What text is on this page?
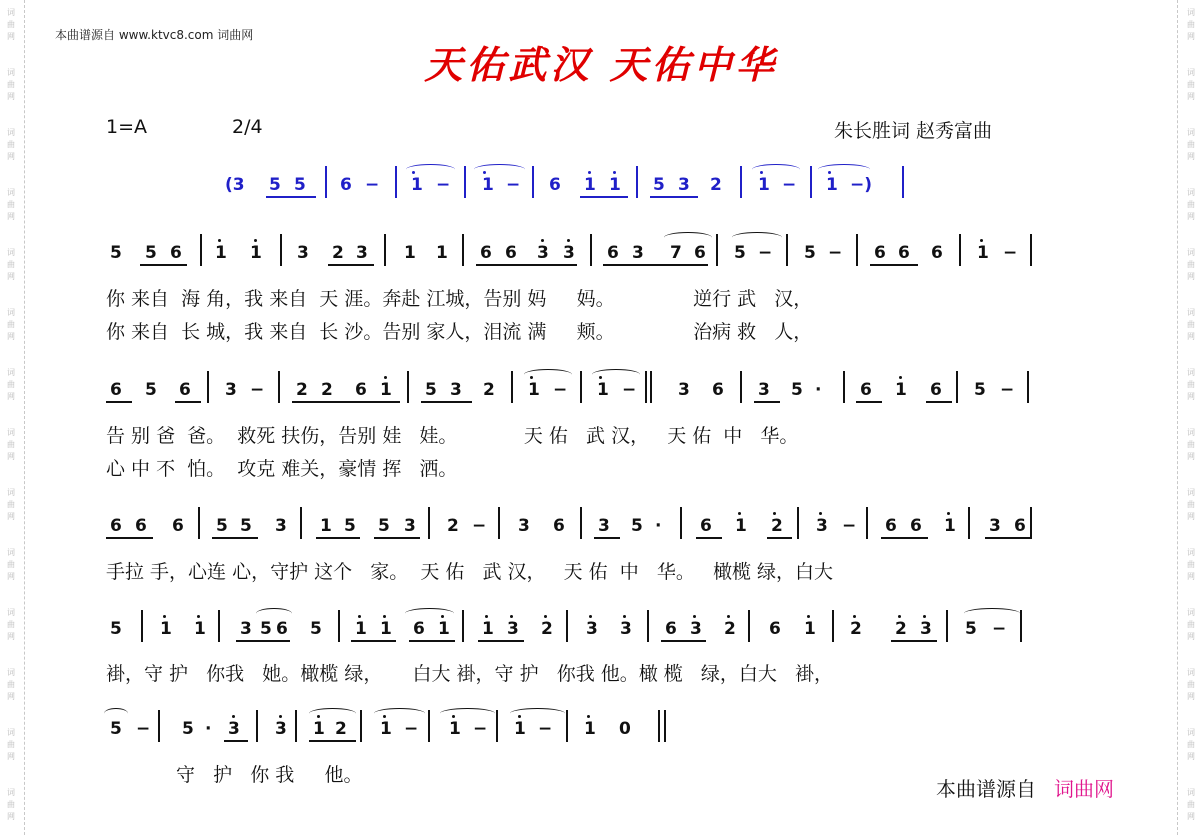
词
曲
网
词
曲
网
词
曲
网
词
曲
网
词
曲
网
词
曲
网
词
曲
网
词
曲
网
词
曲
网
词
曲
网
词
曲
网
词
曲
网
词
曲
网
词
曲
网
词
曲
网
词
曲
网
词
曲
网
词
曲
网
词
曲
网
词
曲
网
词
曲
网
词
曲
网
词
曲
网
词
曲
网
词
曲
网
词
曲
网
词
曲
网
词
曲
网
本曲谱源自 www.ktvc8.com 词曲网
天佑武汉 天佑中华
1=A	2/4	朱长胜词 赵秀富曲
(3 5 5 6 − 1 − 1 − 6 1 1 5 3 2 1 − 1 −)
5 5 6 1 1 3 2 3 1 1 6 6 3 3 6 3 7 6 5 − 5 − 6 6 6 1 −
你 来自  海 角，我 来自  天 涯。奔赴 江城，告别 妈     妈。             逆行 武   汉，
你 来自  长 城，我 来自  长 沙。告别 家人，泪流 满     颊。             治病 救   人，
6 5 6 3 − 2 2 6 1 5 3 2 1 − 1 − 3 6 3 5 · 6 1 6 5 −
告 别 爸  爸。  救死 扶伤，告别 娃   娃。           天 佑   武 汉，   天 佑  中   华。
心 中 不  怕。  攻克 难关，豪情 挥   洒。
6 6 6 5 5 3 1 5 5 3 2 − 3 6 3 5 · 6 1 2 3 − 6 6 1 3 6
手拉 手，心连 心，守护 这个   家。  天 佑   武 汉，   天 佑  中   华。   橄榄 绿，白大
5 1 1 3 5 6 5 1 1 6 1 1 3 2 3 3 6 3 2 6 1 2 2 3 5 −
褂，守 护   你我   她。橄榄 绿，     白大 褂，守 护   你我 他。橄 榄   绿，白大   褂，
5 − 5 · 3 3 1 2 1 − 1 − 1 − 1 0
守   护   你 我     他。
本曲谱源自 词曲网
